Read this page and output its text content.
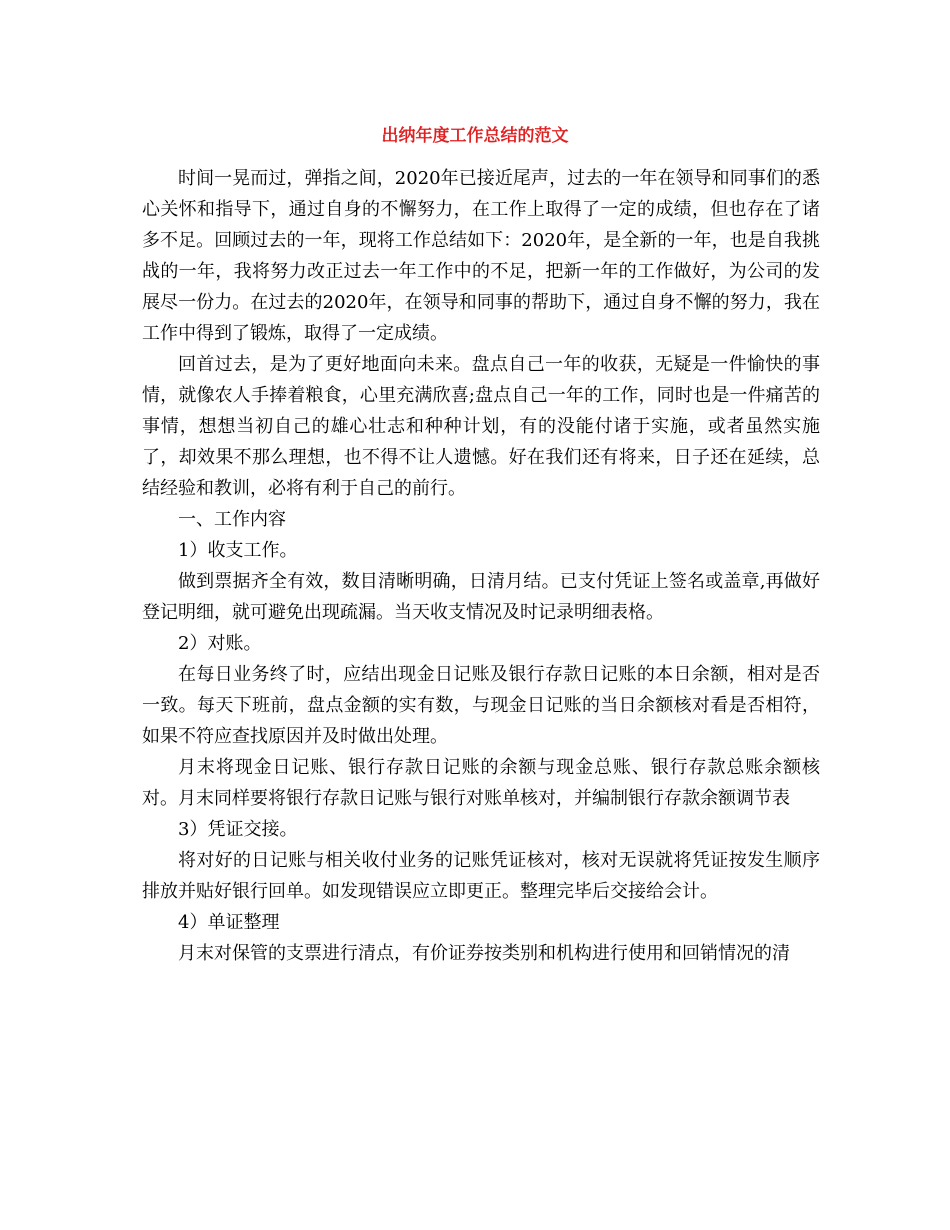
出纳年度工作总结的范文

时间一晃而过，弹指之间，2020年已接近尾声，过去的一年在领导和同事们的悉心关怀和指导下，通过自身的不懈努力，在工作上取得了一定的成绩，但也存在了诸多不足。回顾过去的一年，现将工作总结如下：2020年，是全新的一年，也是自我挑战的一年，我将努力改正过去一年工作中的不足，把新一年的工作做好，为公司的发展尽一份力。在过去的2020年，在领导和同事的帮助下，通过自身不懈的努力，我在工作中得到了锻炼，取得了一定成绩。

回首过去，是为了更好地面向未来。盘点自己一年的收获，无疑是一件愉快的事情，就像农人手捧着粮食，心里充满欣喜;盘点自己一年的工作，同时也是一件痛苦的事情，想想当初自己的雄心壮志和种种计划，有的没能付诸于实施，或者虽然实施了，却效果不那么理想，也不得不让人遗憾。好在我们还有将来，日子还在延续，总结经验和教训，必将有利于自己的前行。

一、工作内容

1）收支工作。

做到票据齐全有效，数目清晰明确，日清月结。已支付凭证上签名或盖章,再做好登记明细，就可避免出现疏漏。当天收支情况及时记录明细表格。

2）对账。

在每日业务终了时，应结出现金日记账及银行存款日记账的本日余额，相对是否一致。每天下班前，盘点金额的实有数，与现金日记账的当日余额核对看是否相符，如果不符应查找原因并及时做出处理。

月末将现金日记账、银行存款日记账的余额与现金总账、银行存款总账余额核对。月末同样要将银行存款日记账与银行对账单核对，并编制银行存款余额调节表

3）凭证交接。

将对好的日记账与相关收付业务的记账凭证核对，核对无误就将凭证按发生顺序排放并贴好银行回单。如发现错误应立即更正。整理完毕后交接给会计。

4）单证整理

月末对保管的支票进行清点，有价证券按类别和机构进行使用和回销情况的清
